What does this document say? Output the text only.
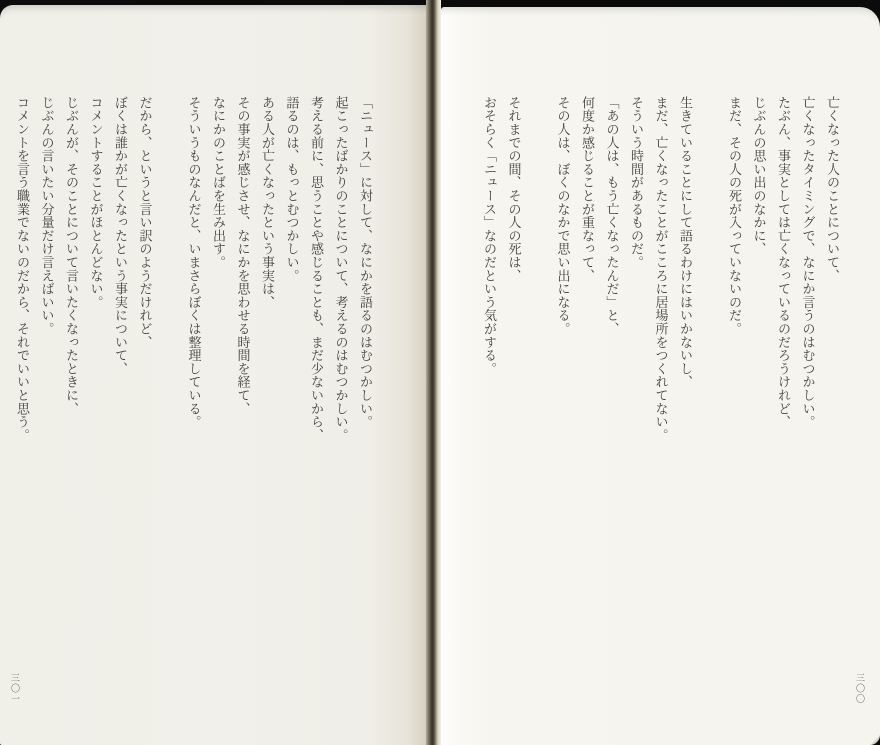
「ニュース」に対して、なにかを語るのはむつかしい。
起こったばかりのことについて、考えるのはむつかしい。
考える前に、思うことや感じることも、まだ少ないから、
語るのは、もっとむつかしい。
ある人が亡くなったという事実は、
その事実が感じさせ、なにかを思わせる時間を経て、
なにかのことばを生み出す。
そういうものなんだと、いまさらぼくは整理している。
だから、というと言い訳のようだけれど、
ぼくは誰かが亡くなったという事実について、
コメントすることがほとんどない。
じぶんが、そのことについて言いたくなったときに、
じぶんの言いたい分量だけ言えばいい。
コメントを言う職業でないのだから、それでいいと思う。
三〇一
亡くなった人のことについて、
亡くなったタイミングで、なにか言うのはむつかしい。
たぶん、事実としては亡くなっているのだろうけれど、
じぶんの思い出のなかに、
まだ、その人の死が入っていないのだ。
生きていることにして語るわけにはいかないし、
まだ、亡くなったことがこころに居場所をつくれてない。
そういう時間があるものだ。
「あの人は、もう亡くなったんだ」と、
何度か感じることが重なって、
その人は、ぼくのなかで思い出になる。
それまでの間、その人の死は、
おそらく「ニュース」なのだという気がする。
三〇〇
